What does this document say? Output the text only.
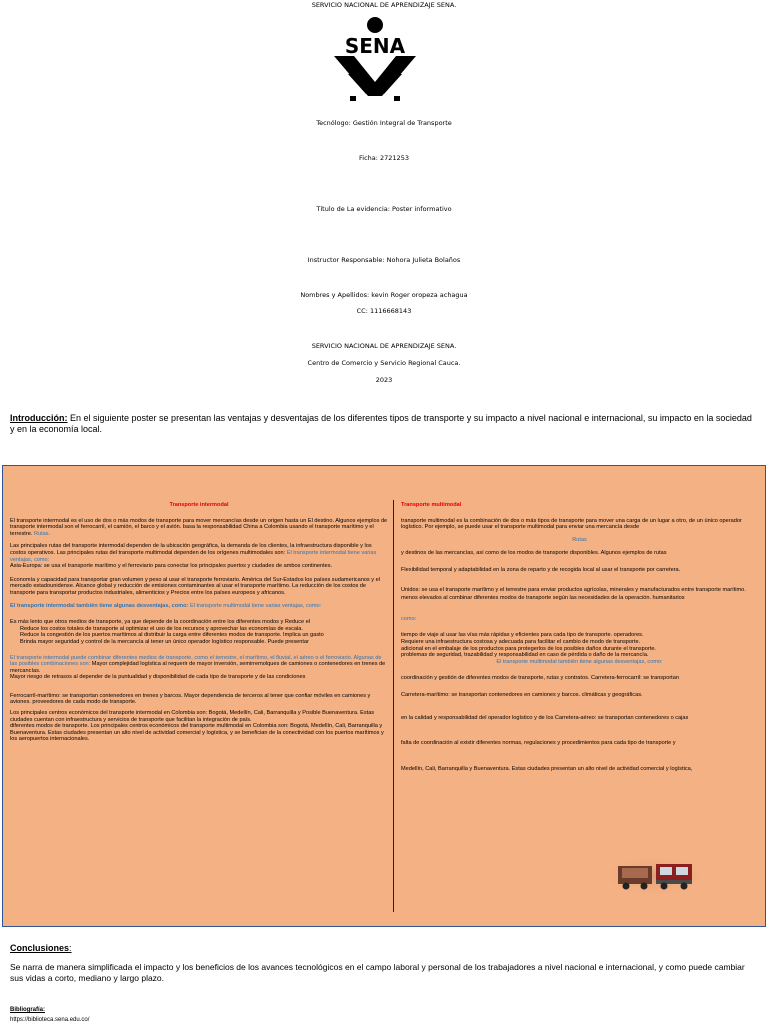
SERVICIO NACIONAL DE APRENDIZAJE SENA.
SENA
Tecnólogo: Gestión Integral de Transporte
Ficha: 2721253
Título de La evidencia: Poster informativo
Instructor Responsable: Nohora Julieta Bolaños
Nombres y Apellidos: kevin Roger oropeza achagua
CC: 1116668143
SERVICIO NACIONAL DE APRENDIZAJE SENA.
Centro de Comercio y Servicio Regional Cauca.
2023
Introducción: En el siguiente poster se presentan las ventajas y desventajas de los diferentes tipos de transporte y su impacto a nivel nacional e internacional, su impacto en la sociedad y en la economía local.

Transporte intermodal

El transporte intermodal es el uso de dos o más modos de transporte para mover mercancías desde un origen hasta un El destino. Algunos ejemplos de transporte intermodal son el ferrocarril, el camión, el barco y el avión. basa la responsabilidad China a Colombia usando el transporte marítimo y el terrestre. Rutas.

Las principales rutas del transporte intermodal dependen de la ubicación geográfica, la demanda de los clientes, la infraestructura disponible y los costos operativos. Las principales rutas del transporte multimodal dependen de los orígenes multimodales son: El transporte intermodal tiene varias ventajas, como:

Asia-Europa: se usa el transporte marítimo y el ferroviario para conectar los principales puertos y ciudades de ambos continentes.

Economía y capacidad para transportar gran volumen y peso al usar el transporte ferroviario. América del Sur-Estados los países sudamericanos y el mercado estadounidense. Alcance global y reducción de emisiones contaminantes al usar el transporte marítimo. La reducción de los costos de transporte para transportar productos industriales, alimenticios y Precios entre los países europeos y africanos.

El transporte intermodal también tiene algunas desventajas, como: El transporte multimodal tiene varias ventajas, como:

Es más lento que otros medios de transporte, ya que depende de la coordinación entre los diferentes modos y Reduce el

Reduce los costos totales de transporte al optimizar el uso de los recursos y aprovechar las economías de escala.

Reduce la congestión de los puertos marítimos al distribuir la carga entre diferentes modos de transporte. Implica un gasto

Brinda mayor seguridad y control de la mercancía al tener un único operador logístico responsable. Puede presentar

El transporte intermodal puede combinar diferentes medios de transporte, como el terrestre, el marítimo, el fluvial, el aéreo o el ferroviario. Algunas de las posibles combinaciones son: Mayor complejidad logística al requerir de mayor inversión, semirremolques de camiones o contenedores en trenes de mercancías.

Mayor riesgo de retrasos al depender de la puntualidad y disponibilidad de cada tipo de transporte y de las condiciones

Ferrocarril-marítimo: se transportan contenedores en trenes y barcos. Mayor dependencia de terceros al tener que confiar móviles en camiones y aviones. proveedores de cada modo de transporte.

Los principales centros económicos del transporte intermodal en Colombia son: Bogotá, Medellín, Cali, Barranquilla y Posible Buenaventura. Estas ciudades cuentan con infraestructura y servicios de transporte que facilitan la integración de país.

diferentes modos de transporte. Los principales centros económicos del transporte multimodal en Colombia son: Bogotá, Medellín, Cali, Barranquilla y Buenaventura. Estas ciudades presentan un alto nivel de actividad comercial y logística, y se benefician de la conectividad con los puertos marítimos y los aeropuertos internacionales.

Transporte multimodal

transporte multimodal es la combinación de dos o más tipos de transporte para mover una carga de un lugar a otro, de un único operador logístico. Por ejemplo, se puede usar el transporte multimodal para enviar una mercancía desde

Rutas

y destinos de las mercancías, así como de los modos de transporte disponibles. Algunos ejemplos de rutas

Flexibilidad temporal y adaptabilidad en la zona de reparto y de recogida local al usar el transporte por carretera.

Unidos: se usa el transporte marítimo y el terrestre para enviar productos agrícolas, minerales y manufacturados entre transporte marítimo.

menos elevados al combinar diferentes modos de transporte según las necesidades de la operación. humanitarios

como:

tiempo de viaje al usar las vías más rápidas y eficientes para cada tipo de transporte. operadores.

Requiere una infraestructura costosa y adecuada para facilitar el cambio de modo de transporte.

adicional en el embalaje de los productos para protegerlos de los posibles daños durante el transporte.

problemas de seguridad, trazabilidad y responsabilidad en caso de pérdida o daño de la mercancía.

El transporte multimodal también tiene algunas desventajas, como:

coordinación y gestión de diferentes modos de transporte, rutas y contratos. Carretera-ferrocarril: se transportan

Carretera-marítimo: se transportan contenedores en camiones y barcos. climáticas y geográficas.

en la calidad y responsabilidad del operador logístico y de los Carretera-aéreo: se transportan contenedores o cajas

falta de coordinación al existir diferentes normas, regulaciones y procedimientos para cada tipo de transporte y

Medellín, Cali, Barranquilla y Buenaventura. Estas ciudades presentan un alto nivel de actividad comercial y logística,

Conclusiones:
Se narra de manera simplificada el impacto y los beneficios de los avances tecnológicos en el campo laboral y personal de los trabajadores a nivel nacional e internacional, y como puede cambiar sus vidas a corto, mediano y largo plazo.
Bibliografía:
https://biblioteca.sena.edu.co/
